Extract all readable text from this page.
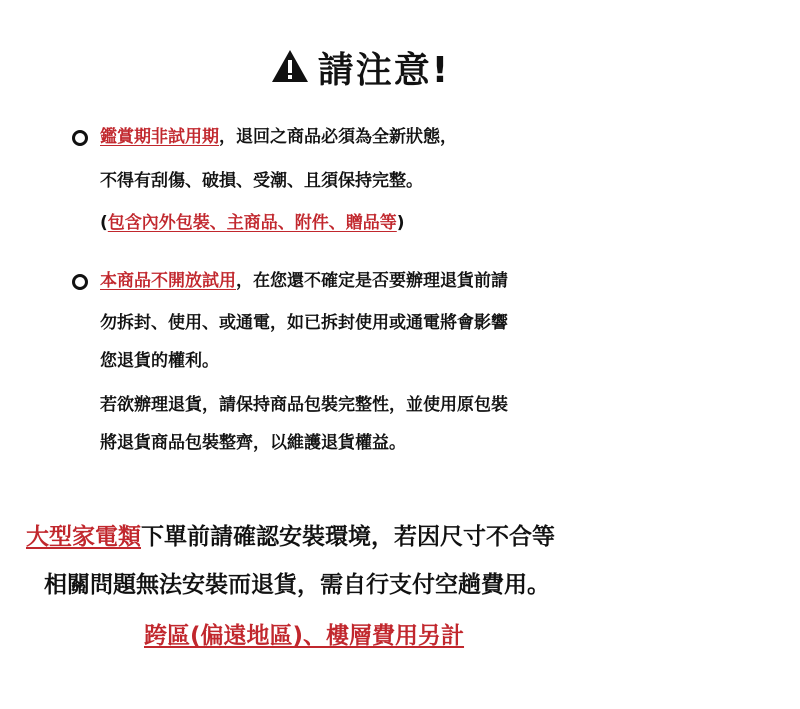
請注意!
鑑賞期非試用期，退回之商品必須為全新狀態，
不得有刮傷、破損、受潮、且須保持完整。
(包含內外包裝、主商品、附件、贈品等)
本商品不開放試用，在您還不確定是否要辦理退貨前請
勿拆封、使用、或通電，如已拆封使用或通電將會影響
您退貨的權利。
若欲辦理退貨，請保持商品包裝完整性，並使用原包裝
將退貨商品包裝整齊，以維護退貨權益。
大型家電類下單前請確認安裝環境，若因尺寸不合等
相關問題無法安裝而退貨，需自行支付空趟費用。
跨區(偏遠地區)、樓層費用另計
